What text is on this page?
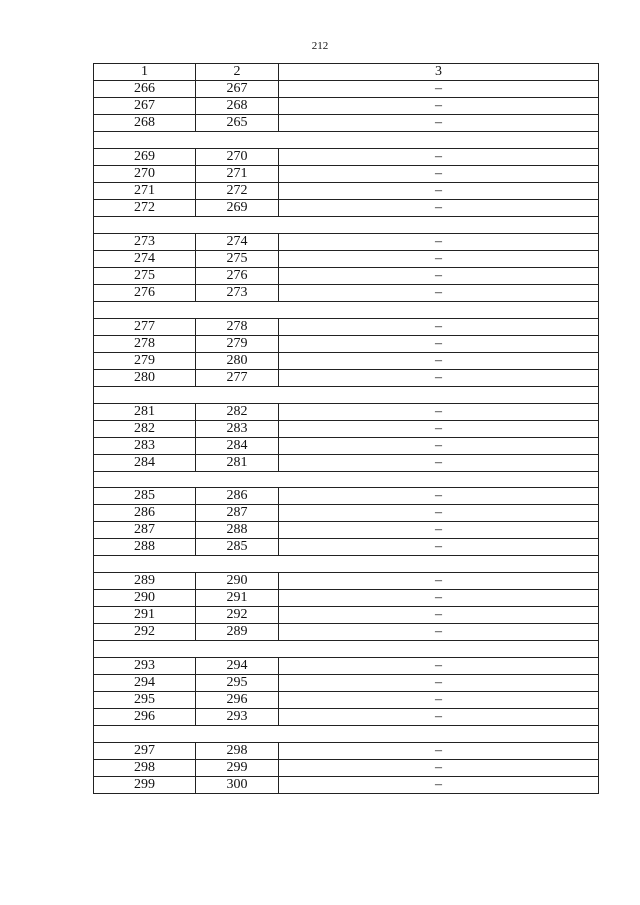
212
1	2	3
266	267	–
267	268	–
268	265	–

269	270	–
270	271	–
271	272	–
272	269	–

273	274	–
274	275	–
275	276	–
276	273	–

277	278	–
278	279	–
279	280	–
280	277	–

281	282	–
282	283	–
283	284	–
284	281	–

285	286	–
286	287	–
287	288	–
288	285	–

289	290	–
290	291	–
291	292	–
292	289	–

293	294	–
294	295	–
295	296	–
296	293	–

297	298	–
298	299	–
299	300	–
